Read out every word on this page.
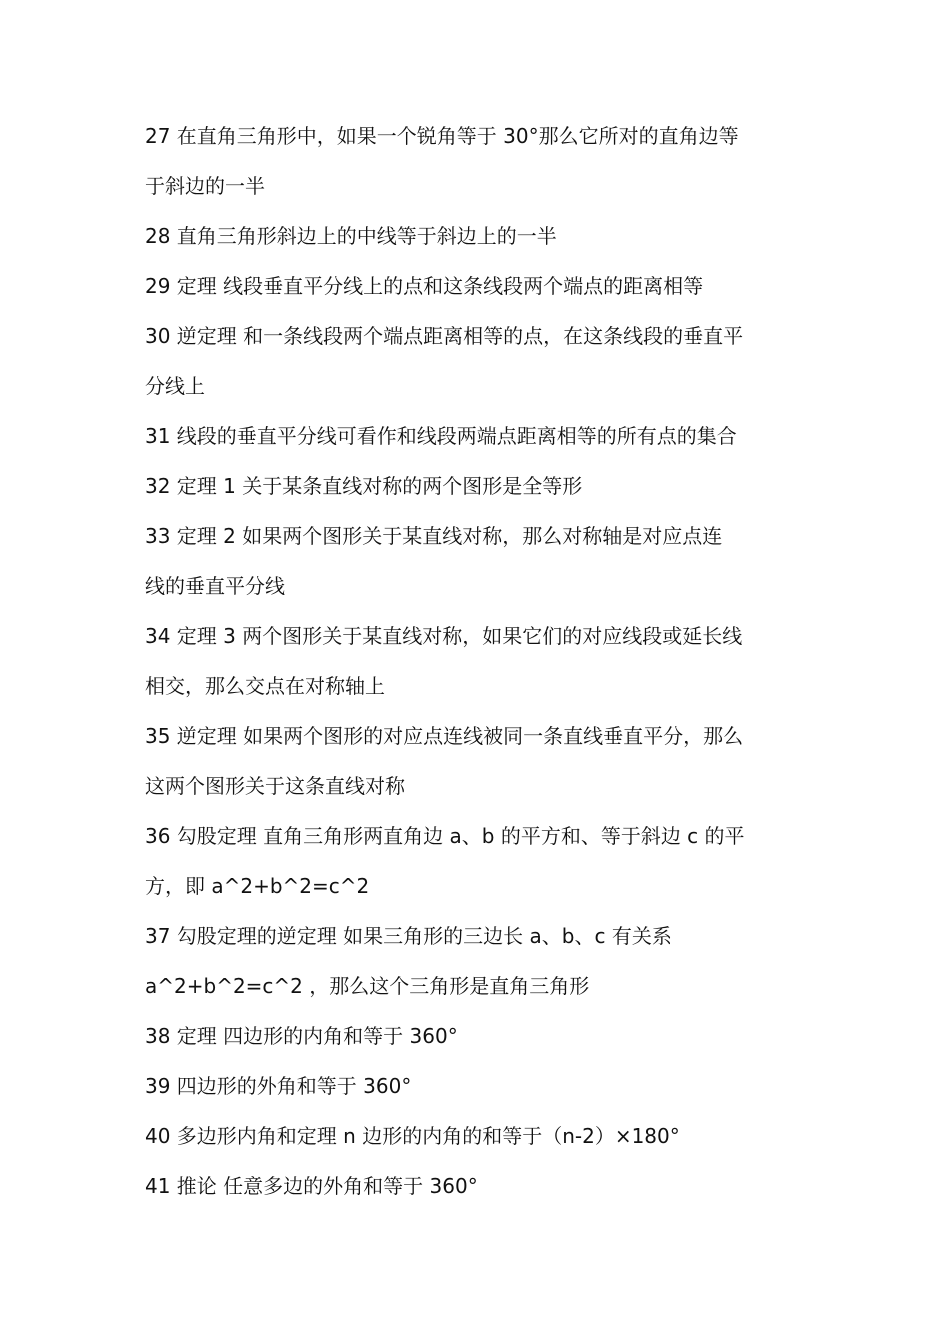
27 在直角三角形中，如果一个锐角等于 30°那么它所对的直角边等
于斜边的一半
28 直角三角形斜边上的中线等于斜边上的一半
29 定理 线段垂直平分线上的点和这条线段两个端点的距离相等
30 逆定理 和一条线段两个端点距离相等的点，在这条线段的垂直平
分线上
31 线段的垂直平分线可看作和线段两端点距离相等的所有点的集合
32 定理 1 关于某条直线对称的两个图形是全等形
33 定理 2 如果两个图形关于某直线对称，那么对称轴是对应点连
线的垂直平分线
34 定理 3 两个图形关于某直线对称，如果它们的对应线段或延长线
相交，那么交点在对称轴上
35 逆定理 如果两个图形的对应点连线被同一条直线垂直平分，那么
这两个图形关于这条直线对称
36 勾股定理 直角三角形两直角边 a、b 的平方和、等于斜边 c 的平
方，即 a^2+b^2=c^2
37 勾股定理的逆定理 如果三角形的三边长 a、b、c 有关系
a^2+b^2=c^2 ，那么这个三角形是直角三角形
38 定理 四边形的内角和等于 360°
39 四边形的外角和等于 360°
40 多边形内角和定理 n 边形的内角的和等于（n-2）×180°
41 推论 任意多边的外角和等于 360°
